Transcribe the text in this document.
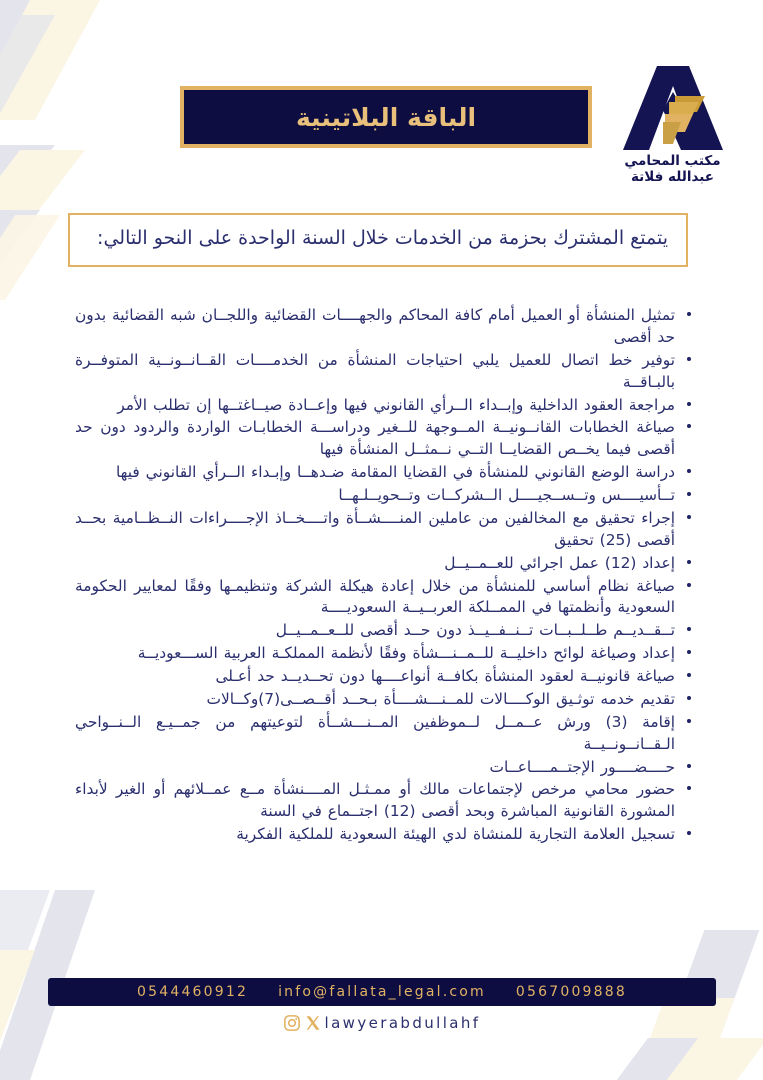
الباقة البلاتينية
مكتب المحامي
عبدالله فلاتة
يتمتع المشترك بحزمة من الخدمات خلال السنة الواحدة على النحو التالي:
تمثيل المنشأة أو العميل أمام كافة المحاكم والجهــــات القضائية واللجــان شبه القضائية بدون حد أقصى
توفير خط اتصال للعميل يلبي احتياجات المنشأة من الخدمــــات القــانــونــية المتوفــرة بالبـاقــة
مراجعة العقود الداخلية وإبــداء الــرأي القانوني فيها وإعــادة صيــاغتــها إن تطلب الأمر
صياغة الخطابات القانــونيــة المــوجهة للــغير ودراســـة الخطابـات الواردة والردود دون حد أقصى فيما يخــص القضايــا التــي نــمثــل المنشأة فيها
دراسة الوضع القانوني للمنشأة في القضايا المقامة ضـدهــا وإبـداء الــرأي القانوني فيها
تــأسيــــس وتــســجيــــل الــشركــات وتــحويــلـهــا
إجراء تحقيق مع المخالفين من عاملين المنــــشــأة واتــــخــاذ الإجــــراءات النــظــامية بحــد أقصى (25) تحقيق
إعداد (12) عمل اجرائي للعــمــيــل
صياغة نظام أساسي للمنشأة من خلال إعادة هيكلة الشركة وتنظيمـها وفقًا لمعايير الحكومة السعودية وأنظمتها في الممــلكة العربــيــة السعوديــــة
تــقــديــم طــلــبــات تــنــفــيــذ دون حــد أقصى للــعــمــيــل
إعداد وصياغة لوائح داخليــة للــمــنـــشأة وفقًا لأنظمة المملكـة العربية الســـعوديــة
صياغة قانونيــة لعقود المنشأة بكافــة أنواعــــها دون تحــديــد حد أعـلى
تقديم خدمه توثـيق الوكــــالات للمــنـــشــــأة بـحــد أقــصــى(7)وكــالات
إقامة (3) ورش عــمــل لــموظفين المــنـــشــأة لتوعيتهم من جمــيـع الــنــواحي الـقــانــونــيــة
حــــضــــور الإجتــمــــاعــات
حضور محامي مرخص لإجتماعات مالك أو ممـثـل المــــنشأة مــع عمــلائهم أو الغير لأبداء المشورة القانونية المباشرة وبحد أقصى (12) اجتــماع في السنة
تسجيل العلامة التجارية للمنشاة لدي الهيئة السعودية للملكية الفكرية
0567009888
info@fallata_legal.com
0544460912
lawyerabdullahf
